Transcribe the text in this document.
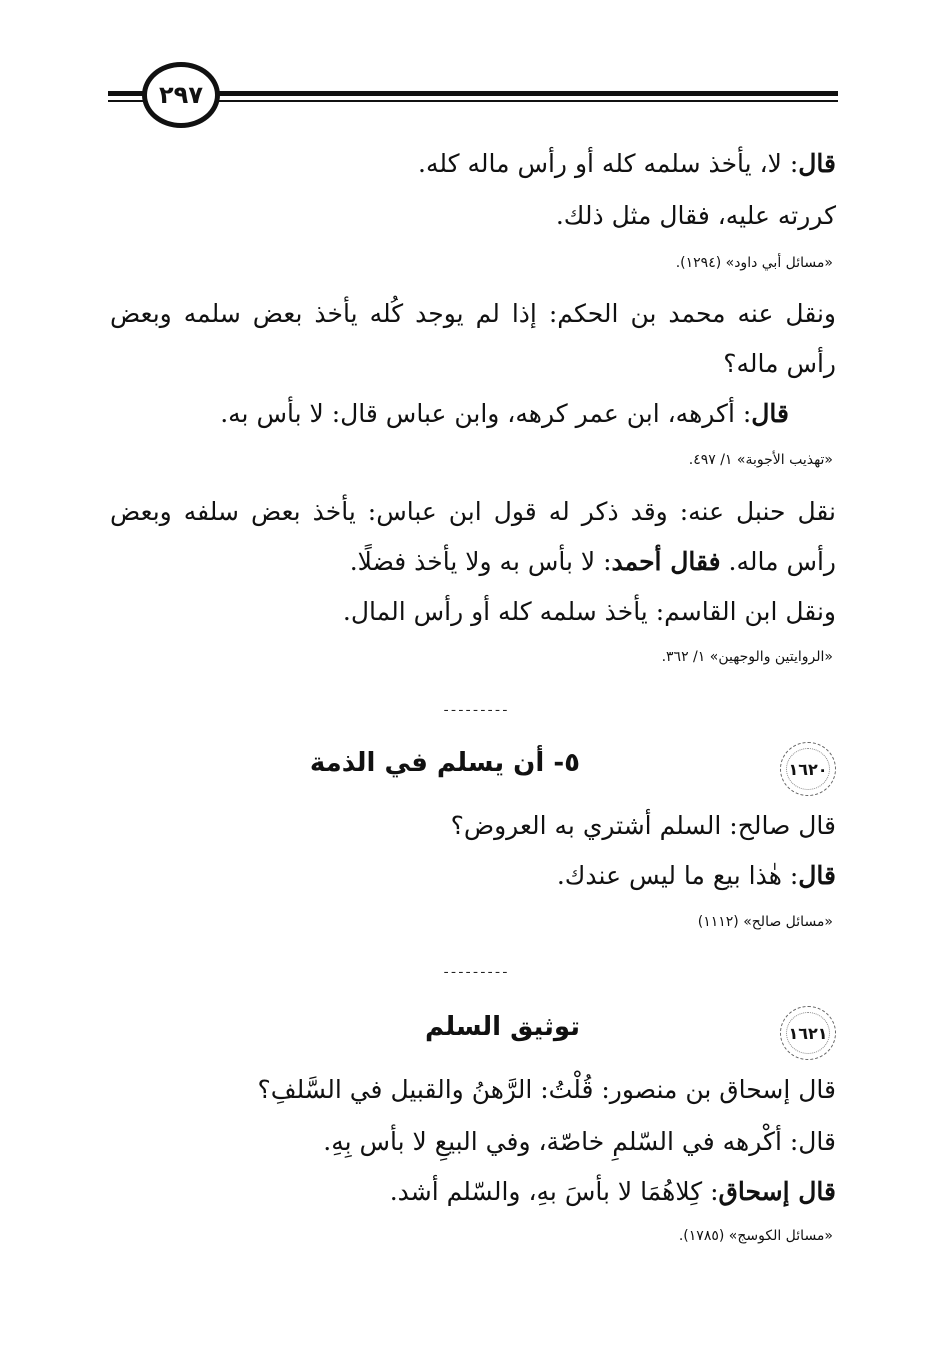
٢٩٧
قال: لا، يأخذ سلمه كله أو رأس ماله كله.
كررته عليه، فقال مثل ذلك.
«مسائل أبي داود» (١٢٩٤).
ونقل عنه محمد بن الحكم: إذا لم يوجد كُله يأخذ بعض سلمه وبعض
رأس ماله؟
قال: أكرهه، ابن عمر كرهه، وابن عباس قال: لا بأس به.
«تهذيب الأجوبة» ١/ ٤٩٧.
نقل حنبل عنه: وقد ذكر له قول ابن عباس: يأخذ بعض سلفه وبعض
رأس ماله. فقال أحمد: لا بأس به ولا يأخذ فضلًا.
ونقل ابن القاسم: يأخذ سلمه كله أو رأس المال.
«الروايتين والوجهين» ١/ ٣٦٢.
ـ ـ ـ ـ ـ ـ ـ ـ ـ
١٦٢٠
٥- أن يسلم في الذمة
قال صالح: السلم أشتري به العروض؟
قال: هٰذا بيع ما ليس عندك.
«مسائل صالح» (١١١٢)
ـ ـ ـ ـ ـ ـ ـ ـ ـ
١٦٢١
توثيق السلم
قال إسحاق بن منصور: قُلْتُ: الرَّهنُ والقبيل في السَّلفِ؟
قال: أكْرهه في السّلمِ خاصّة، وفي البيعِ لا بأس بِهِ.
قال إسحاق: كِلاهُمَا لا بأسَ بهِ، والسّلم أشد.
«مسائل الكوسج» (١٧٨٥).
